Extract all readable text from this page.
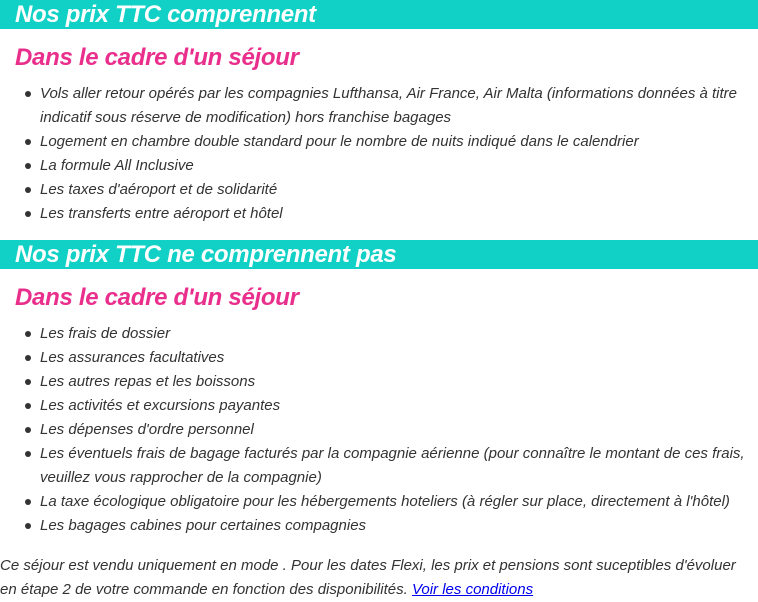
Nos prix TTC comprennent
Dans le cadre d'un séjour
Vols aller retour opérés par les compagnies Lufthansa, Air France, Air Malta (informations données à titre indicatif sous réserve de modification) hors franchise bagages
Logement en chambre double standard pour le nombre de nuits indiqué dans le calendrier
La formule All Inclusive
Les taxes d'aéroport et de solidarité
Les transferts entre aéroport et hôtel
Nos prix TTC ne comprennent pas
Dans le cadre d'un séjour
Les frais de dossier
Les assurances facultatives
Les autres repas et les boissons
Les activités et excursions payantes
Les dépenses d'ordre personnel
Les éventuels frais de bagage facturés par la compagnie aérienne (pour connaître le montant de ces frais, veuillez vous rapprocher de la compagnie)
La taxe écologique obligatoire pour les hébergements hoteliers (à régler sur place, directement à l'hôtel)
Les bagages cabines pour certaines compagnies
Ce séjour est vendu uniquement en mode . Pour les dates Flexi, les prix et pensions sont suceptibles d'évoluer en étape 2 de votre commande en fonction des disponibilités. Voir les conditions
